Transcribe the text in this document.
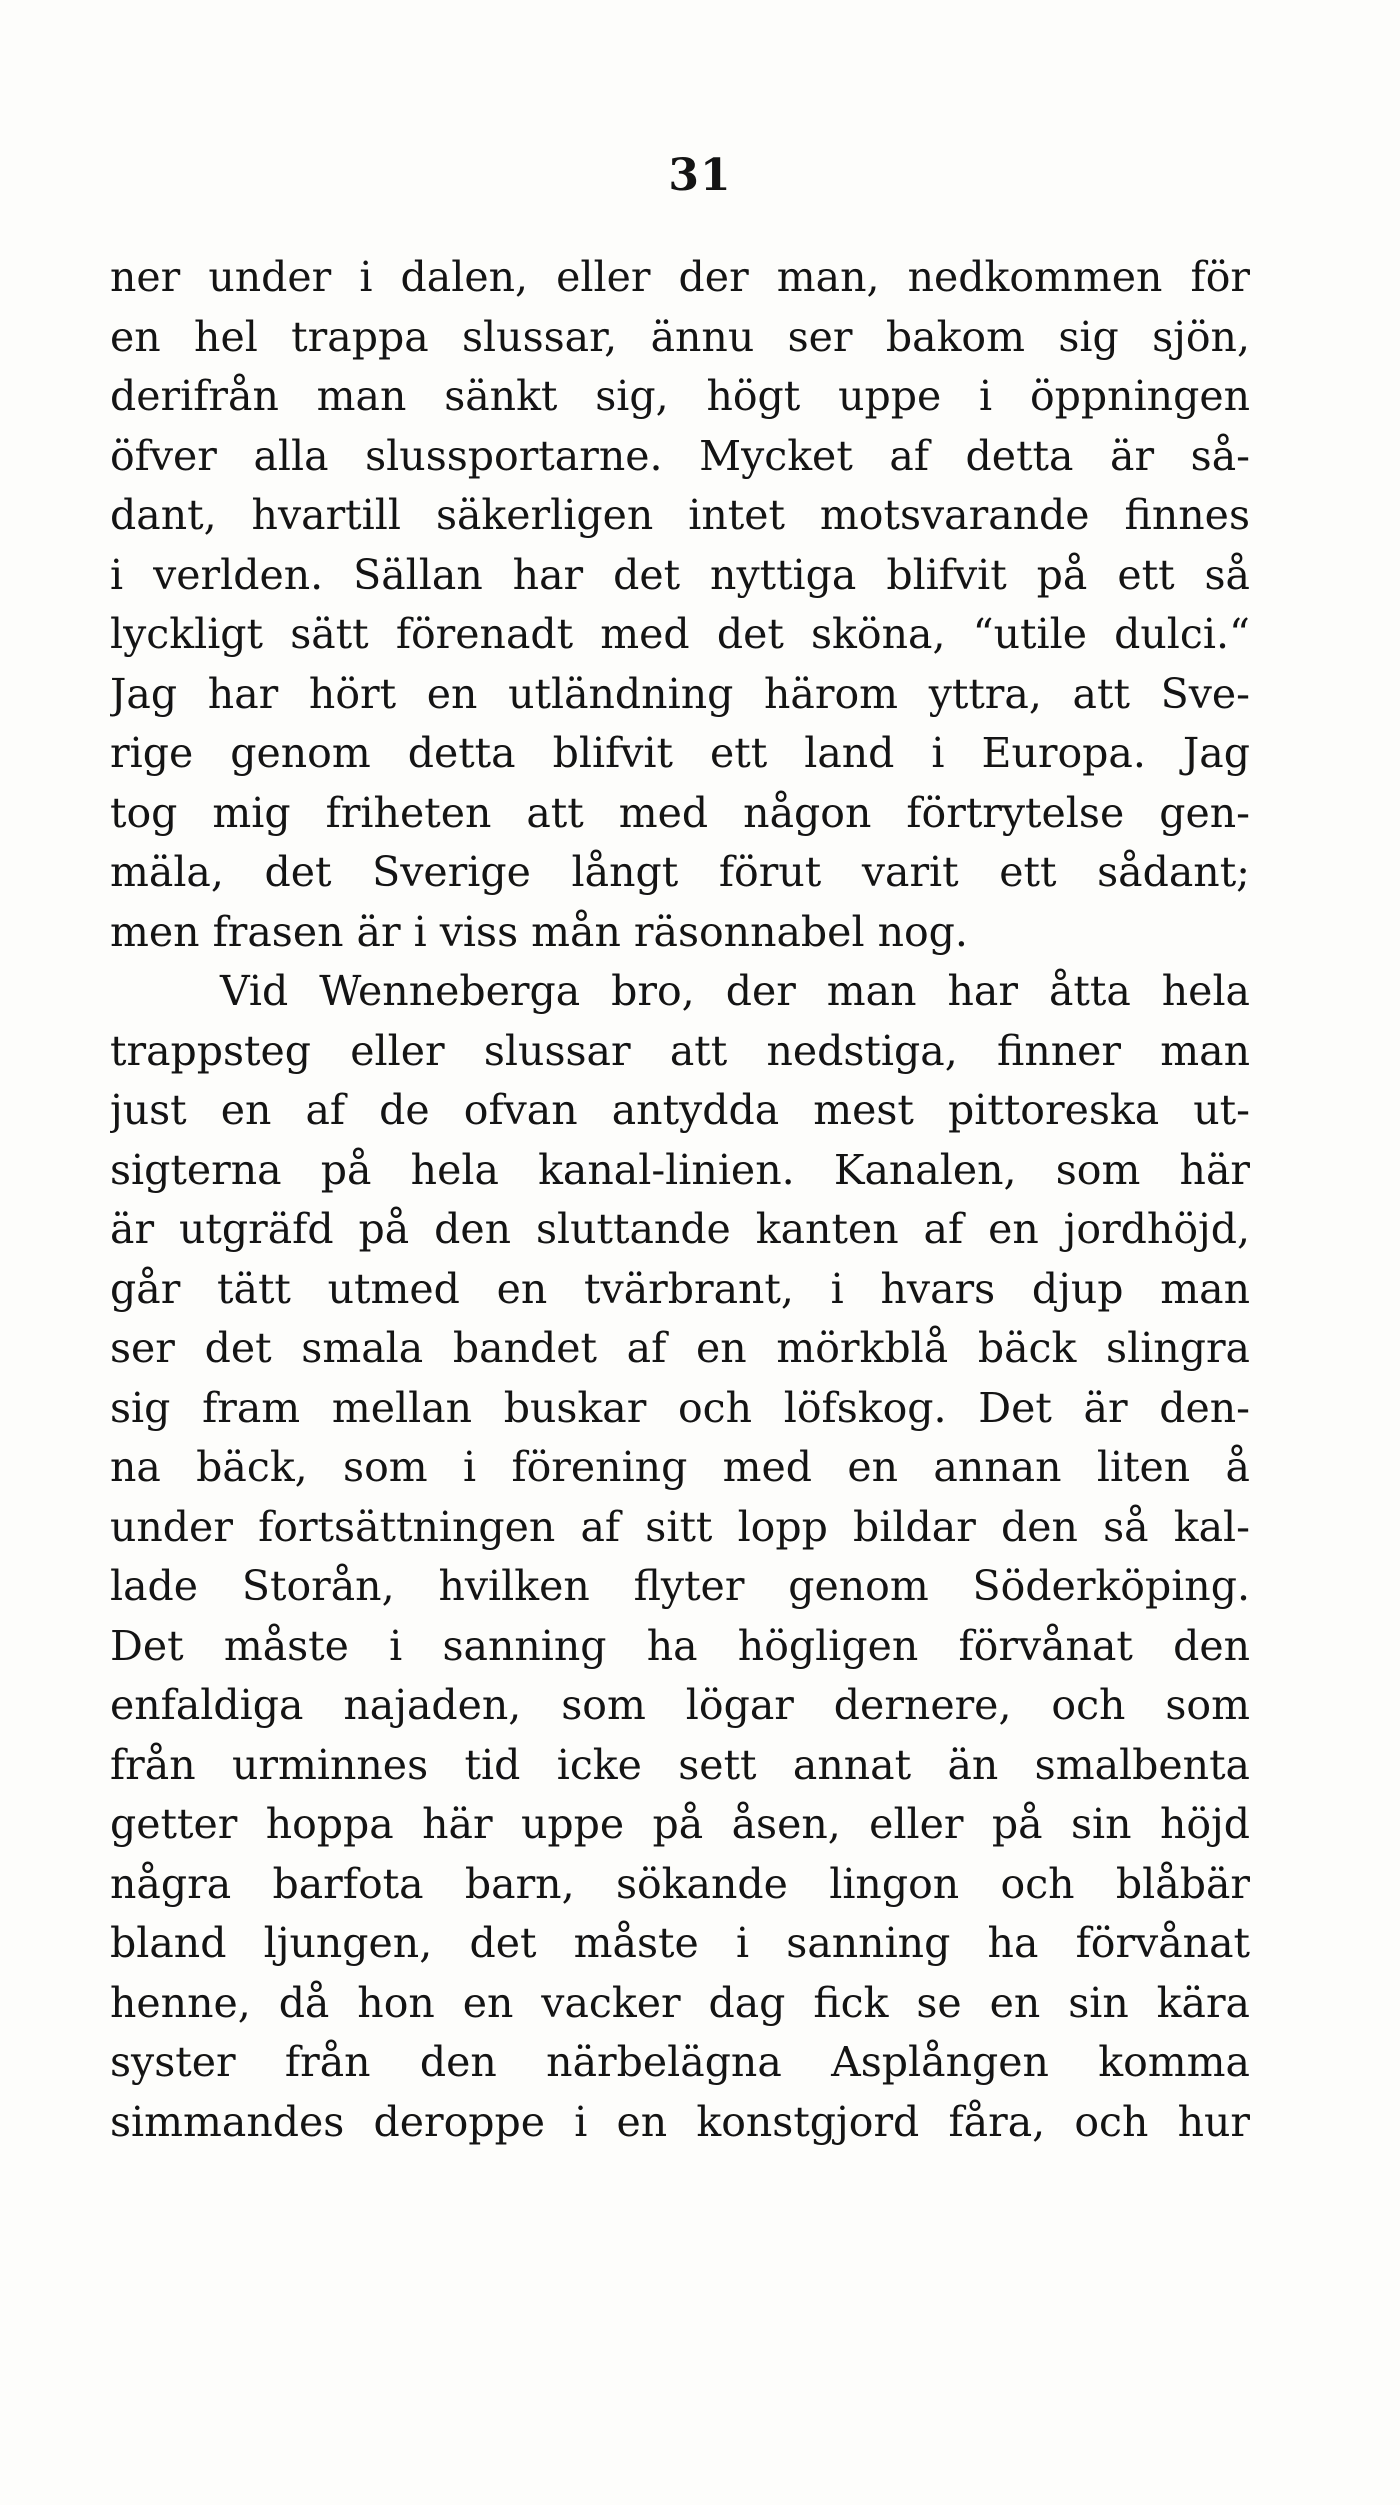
31
ner under i dalen, eller der man, nedkommen för
en hel trappa slussar, ännu ser bakom sig sjön,
derifrån man sänkt sig, högt uppe i öppningen
öfver alla slussportarne. Mycket af detta är så-
dant, hvartill säkerligen intet motsvarande finnes
i verlden. Sällan har det nyttiga blifvit på ett så
lyckligt sätt förenadt med det sköna, “utile dulci.“
Jag har hört en utländning härom yttra, att Sve-
rige genom detta blifvit ett land i Europa. Jag
tog mig friheten att med någon förtrytelse gen-
mäla, det Sverige långt förut varit ett sådant;
men frasen är i viss mån räsonnabel nog.
Vid Wenneberga bro, der man har åtta hela
trappsteg eller slussar att nedstiga, finner man
just en af de ofvan antydda mest pittoreska ut-
sigterna på hela kanal-linien. Kanalen, som här
är utgräfd på den sluttande kanten af en jordhöjd,
går tätt utmed en tvärbrant, i hvars djup man
ser det smala bandet af en mörkblå bäck slingra
sig fram mellan buskar och löfskog. Det är den-
na bäck, som i förening med en annan liten å
under fortsättningen af sitt lopp bildar den så kal-
lade Storån, hvilken flyter genom Söderköping.
Det måste i sanning ha högligen förvånat den
enfaldiga najaden, som lögar dernere, och som
från urminnes tid icke sett annat än smalbenta
getter hoppa här uppe på åsen, eller på sin höjd
några barfota barn, sökande lingon och blåbär
bland ljungen, det måste i sanning ha förvånat
henne, då hon en vacker dag fick se en sin kära
syster från den närbelägna Asplången komma
simmandes deroppe i en konstgjord fåra, och hur
